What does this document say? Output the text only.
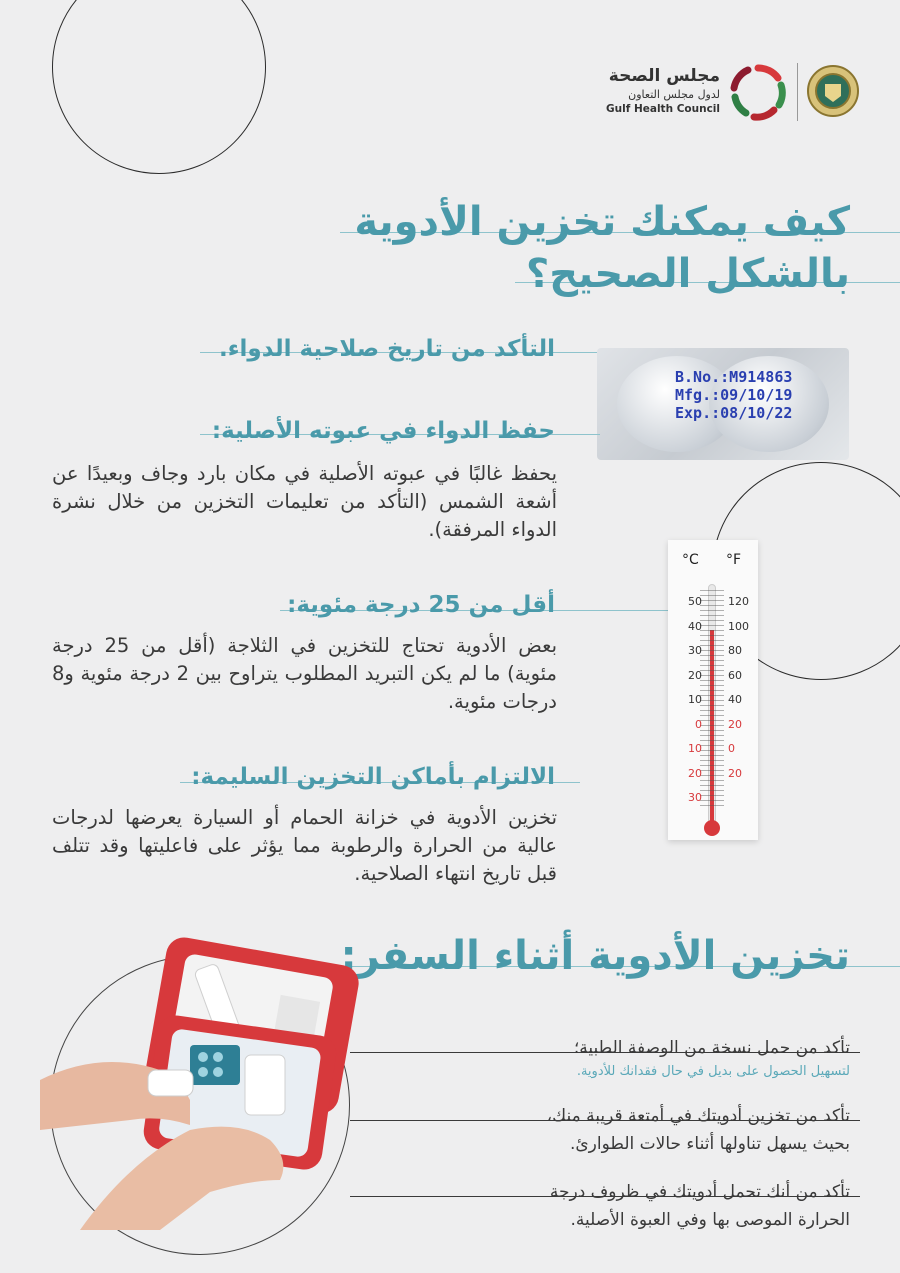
مجلس الصحة
لدول مجلس التعاون
Gulf Health Council
كيف يمكنك تخزين الأدوية
بالشكل الصحيح؟
التأكد من تاريخ صلاحية الدواء.
B.No.:M914863
Mfg.:09/10/19
Exp.:08/10/22
حفظ الدواء في عبوته الأصلية:
يحفظ غالبًا في عبوته الأصلية في مكان بارد وجاف وبعيدًا عن أشعة الشمس (التأكد من تعليمات التخزين من خلال نشرة الدواء المرفقة).
أقل من 25 درجة مئوية:
بعض الأدوية تحتاج للتخزين في الثلاجة (أقل من 25 درجة مئوية) ما لم يكن التبريد المطلوب يتراوح بين 2 درجة مئوية و8 درجات مئوية.
°C °F
50
40
30
20
10
0
10
20
30
120
100
80
60
40
20
0
20
الالتزام بأماكن التخزين السليمة:
تخزين الأدوية في خزانة الحمام أو السيارة يعرضها لدرجات عالية من الحرارة والرطوبة مما يؤثر على فاعليتها وقد تتلف قبل تاريخ انتهاء الصلاحية.
تخزين الأدوية أثناء السفر:
تأكد من حمل نسخة من الوصفة الطبية؛
لتسهيل الحصول على بديل في حال فقدانك للأدوية.
تأكد من تخزين أدويتك في أمتعة قريبة منك،
بحيث يسهل تناولها أثناء حالات الطوارئ.
تأكد من أنك تحمل أدويتك في ظروف درجة
الحرارة الموصى بها وفي العبوة الأصلية.
